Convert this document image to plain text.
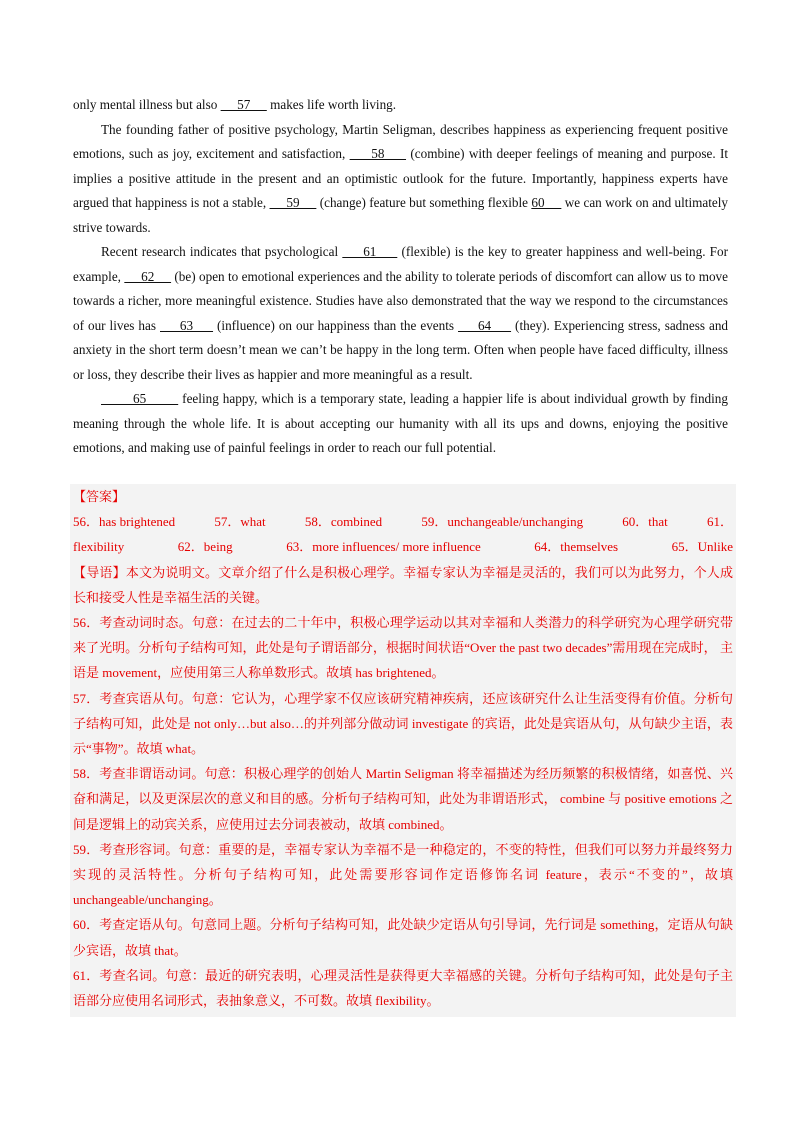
only mental illness but also      57      makes life worth living.

The founding father of positive psychology, Martin Seligman, describes happiness as experiencing frequent positive emotions, such as joy, excitement and satisfaction,      58      (combine) with deeper feelings of meaning and purpose. It implies a positive attitude in the present and an optimistic outlook for the future. Importantly, happiness experts have argued that happiness is not a stable,      59      (change) feature but something flexible 60      we can work on and ultimately strive towards.

Recent research indicates that psychological      61      (flexible) is the key to greater happiness and well-being. For example,      62      (be) open to emotional experiences and the ability to tolerate periods of discomfort can allow us to move towards a richer, more meaningful existence. Studies have also demonstrated that the way we respond to the circumstances of our lives has      63      (influence) on our happiness than the events      64      (they). Experiencing stress, sadness and anxiety in the short term doesn’t mean we can’t be happy in the long term. Often when people have faced difficulty, illness or loss, they describe their lives as happier and more meaningful as a result.

65         feeling happy, which is a temporary state, leading a happier life is about individual growth by finding meaning through the whole life. It is about accepting our humanity with all its ups and downs, enjoying the positive emotions, and making use of painful feelings in order to reach our full potential.

【答案】

56．has brightened	57．what	58．combined	59．unchangeable/unchanging	60．that	61．
flexibility	62．being	63．more influences/ more influence	64．themselves	65．Unlike

【导语】本文为说明文。文章介绍了什么是积极心理学。幸福专家认为幸福是灵活的，我们可以为此努力，个人成长和接受人性是幸福生活的关键。

56．考查动词时态。句意：在过去的二十年中，积极心理学运动以其对幸福和人类潜力的科学研究为心理学研究带来了光明。分析句子结构可知，此处是句子谓语部分，根据时间状语“Over the past two decades”需用现在完成时， 主语是 movement，应使用第三人称单数形式。故填 has brightened。

57．考查宾语从句。句意：它认为，心理学家不仅应该研究精神疾病，还应该研究什么让生活变得有价值。分析句子结构可知，此处是 not only…but also…的并列部分做动词 investigate 的宾语，此处是宾语从句，从句缺少主语，表示“事物”。故填 what。

58．考查非谓语动词。句意：积极心理学的创始人 Martin Seligman 将幸福描述为经历频繁的积极情绪，如喜悦、兴奋和满足，以及更深层次的意义和目的感。分析句子结构可知，此处为非谓语形式， combine 与 positive emotions 之间是逻辑上的动宾关系，应使用过去分词表被动，故填 combined。

59．考查形容词。句意：重要的是，幸福专家认为幸福不是一种稳定的，不变的特性，但我们可以努力并最终努力实现的灵活特性。分析句子结构可知，此处需要形容词作定语修饰名词 feature，表示“不变的”，故填 unchangeable/unchanging。

60．考查定语从句。句意同上题。分析句子结构可知，此处缺少定语从句引导词，先行词是 something，定语从句缺少宾语，故填 that。

61．考查名词。句意：最近的研究表明，心理灵活性是获得更大幸福感的关键。分析句子结构可知，此处是句子主语部分应使用名词形式，表抽象意义，不可数。故填 flexibility。
